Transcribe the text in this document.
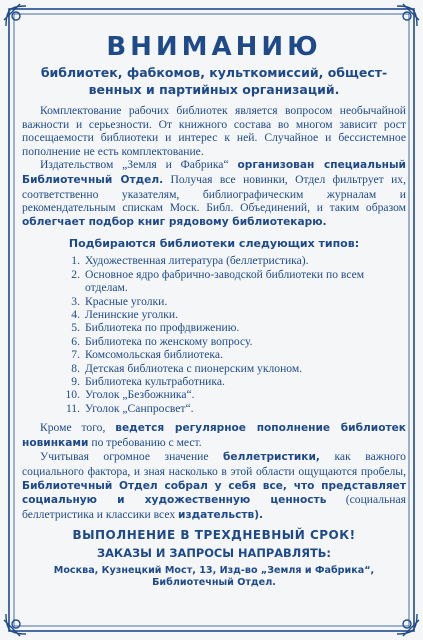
ВНИМАНИЮ
библиотек, фабкомов, культкомиссий, общест-
венных и партийных организаций.

Комплектование рабочих библиотек является вопросом необычайной важности и серьезности. От книжного состава во многом зависит рост посещаемости библиотеки и интерес к ней. Случайное и бессистемное пополнение не есть комплектование.

Издательством „Земля и Фабрика“ организован специальный Библиотечный Отдел. Получая все новинки, Отдел фильтрует их, соответственно указателям, библиографическим журналам и рекомендательным спискам Моск. Библ. Объединений, и таким образом облегчает подбор книг рядовому библиотекарю.

Подбираются библиотеки следующих типов:
1. Художественная литература (беллетристика).
2. Основное ядро фабрично-заводской библиотеки по всем отделам.
3. Красные уголки.
4. Ленинские уголки.
5. Библиотека по профдвижению.
6. Библиотека по женскому вопросу.
7. Комсомольская библиотека.
8. Детская библиотека с пионерским уклоном.
9. Библиотека культработника.
10. Уголок „Безбожника“.
11. Уголок „Санпросвет“.

Кроме того, ведется регулярное пополнение библиотек новинками по требованию с мест.

Учитывая огромное значение беллетристики, как важного социального фактора, и зная насколько в этой области ощущаются пробелы, Библиотечный Отдел собрал у себя все, что представляет социальную и художественную ценность (социальная беллетристика и классики всех издательств).

ВЫПОЛНЕНИЕ В ТРЕХДНЕВНЫЙ СРОК!
ЗАКАЗЫ И ЗАПРОСЫ НАПРАВЛЯТЬ:

Москва, Кузнецкий Мост, 13, Изд-во „Земля и Фабрика“,
Библиотечный Отдел.
